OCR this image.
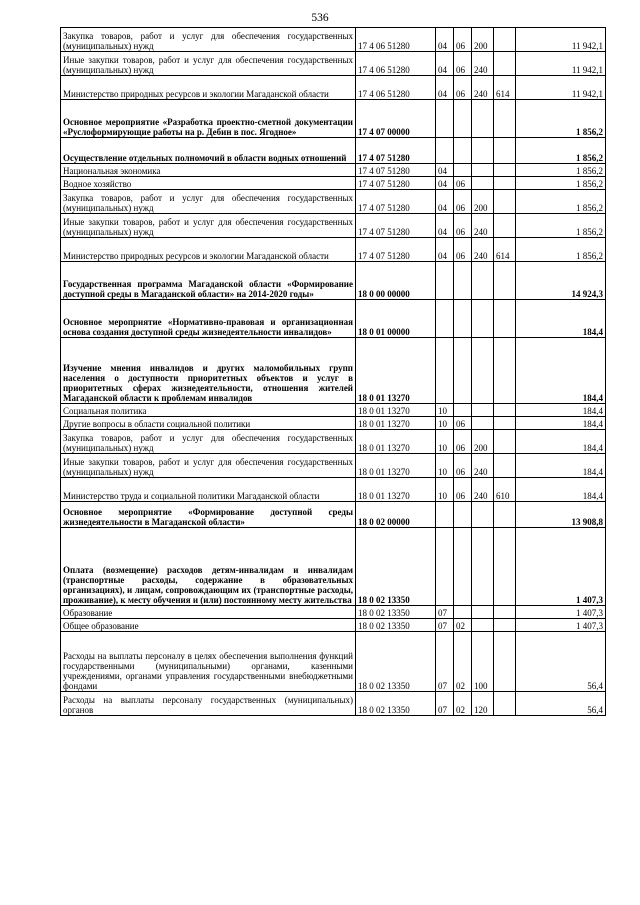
536
Закупка товаров, работ и услуг для обеспечения государственных (муниципальных) нужд	17 4 06 51280	04	06	200		11 942,1
Иные закупки товаров, работ и услуг для обеспечения государственных (муниципальных) нужд	17 4 06 51280	04	06	240		11 942,1
Министерство природных ресурсов и экологии Магаданской области	17 4 06 51280	04	06	240	614	11 942,1
Основное мероприятие «Разработка проектно-сметной документации «Руслоформирующие работы на р. Дебин в пос. Ягодное»	17 4 07 00000					1 856,2
Осуществление отдельных полномочий в области водных отношений	17 4 07 51280					1 856,2
Национальная экономика	17 4 07 51280	04				1 856,2
Водное хозяйство	17 4 07 51280	04	06			1 856,2
Закупка товаров, работ и услуг для обеспечения государственных (муниципальных) нужд	17 4 07 51280	04	06	200		1 856,2
Иные закупки товаров, работ и услуг для обеспечения государственных (муниципальных) нужд	17 4 07 51280	04	06	240		1 856,2
Министерство природных ресурсов и экологии Магаданской области	17 4 07 51280	04	06	240	614	1 856,2
Государственная программа Магаданской области «Формирование доступной среды в Магаданской области» на 2014-2020 годы»	18 0 00 00000					14 924,3
Основное мероприятие «Нормативно-правовая и организационная основа создания доступной среды жизнедеятельности инвалидов»	18 0 01 00000					184,4
Изучение мнения инвалидов и других маломобильных групп населения о доступности приоритетных объектов и услуг в приоритетных сферах жизнедеятельности, отношения жителей Магаданской области к проблемам инвалидов	18 0 01 13270					184,4
Социальная политика	18 0 01 13270	10				184,4
Другие вопросы в области социальной политики	18 0 01 13270	10	06			184,4
Закупка товаров, работ и услуг для обеспечения государственных (муниципальных) нужд	18 0 01 13270	10	06	200		184,4
Иные закупки товаров, работ и услуг для обеспечения государственных (муниципальных) нужд	18 0 01 13270	10	06	240		184,4
Министерство труда и социальной политики Магаданской области	18 0 01 13270	10	06	240	610	184,4
Основное мероприятие «Формирование доступной среды жизнедеятельности в Магаданской области»	18 0 02 00000					13 908,8
Оплата (возмещение) расходов детям-инвалидам и инвалидам (транспортные расходы, содержание в образовательных организациях), и лицам, сопровождающим их (транспортные расходы, проживание), к месту обучения и (или) постоянному месту жительства	18 0 02 13350					1 407,3
Образование	18 0 02 13350	07				1 407,3
Общее образование	18 0 02 13350	07	02			1 407,3
Расходы на выплаты персоналу в целях обеспечения выполнения функций государственными (муниципальными) органами, казенными учреждениями, органами управления государственными внебюджетными фондами	18 0 02 13350	07	02	100		56,4
Расходы на выплаты персоналу государственных (муниципальных) органов	18 0 02 13350	07	02	120		56,4
